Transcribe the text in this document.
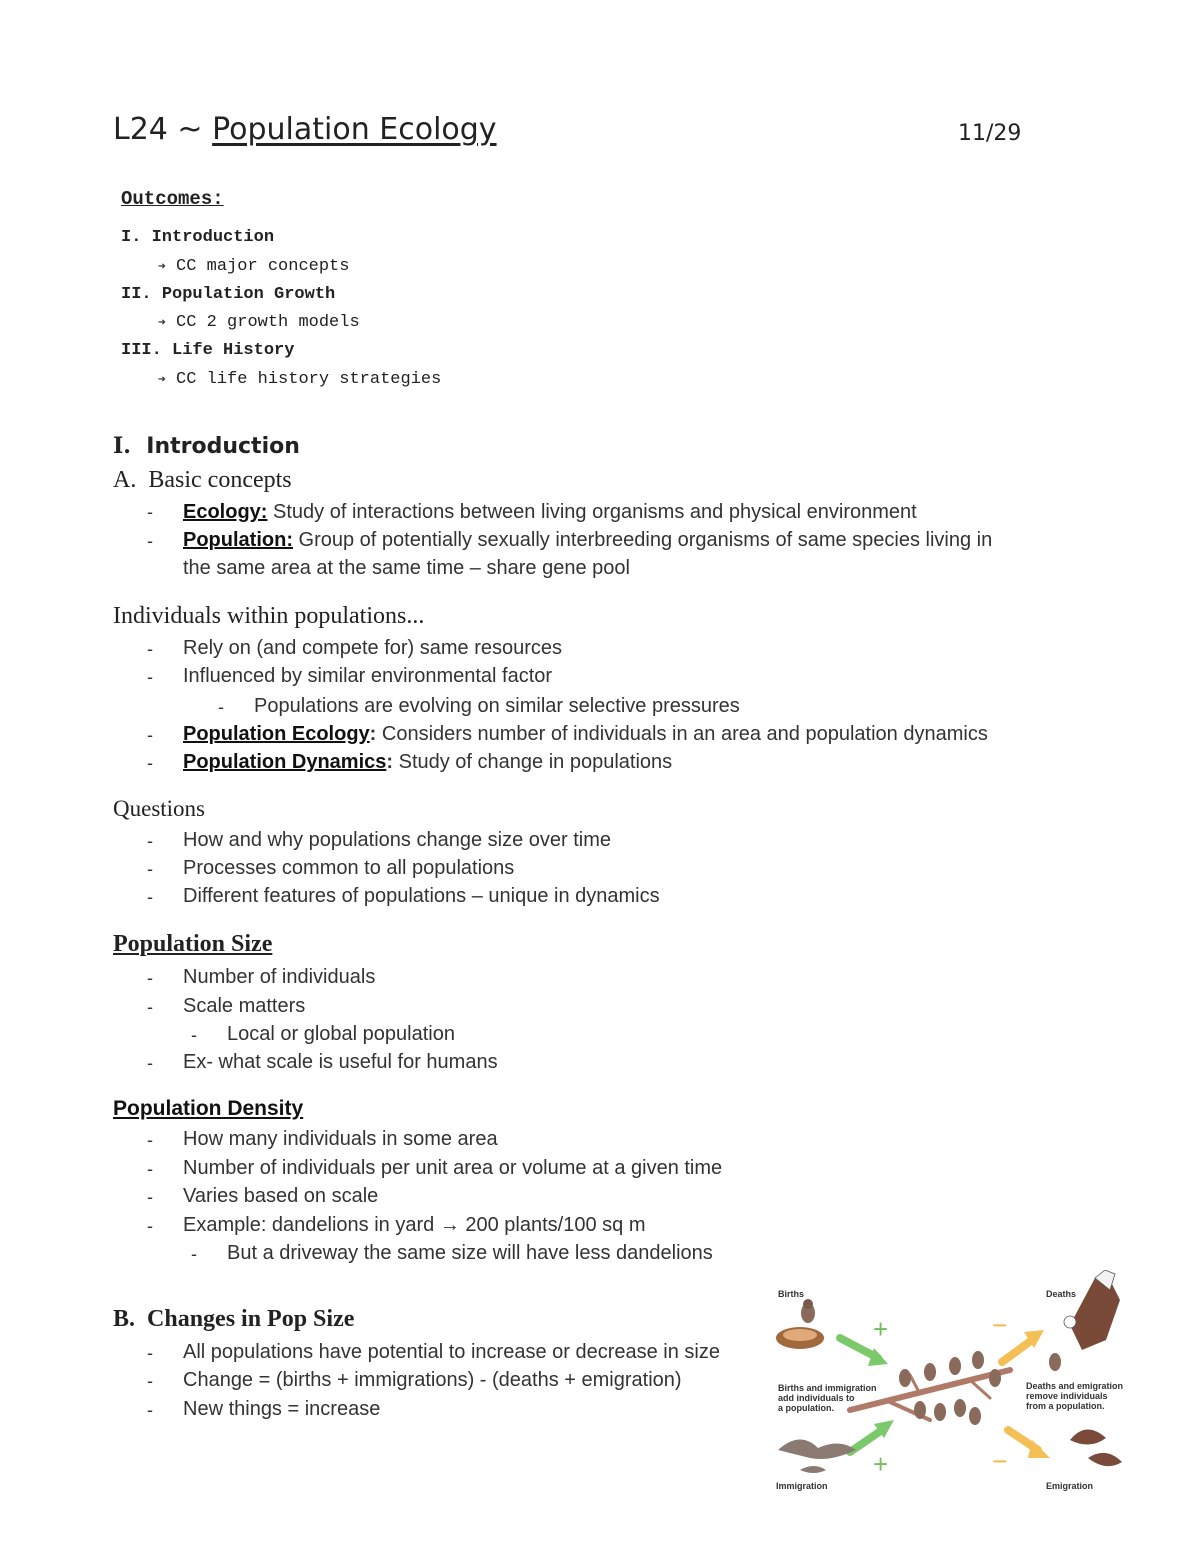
L24 ~ Population Ecology	11/29
Outcomes:
I. Introduction
➔ CC major concepts
II. Population Growth
➔ CC 2 growth models
III. Life History
➔ CC life history strategies
I. Introduction
A. Basic concepts
- Ecology: Study of interactions between living organisms and physical environment
- Population: Group of potentially sexually interbreeding organisms of same species living in
the same area at the same time – share gene pool
Individuals within populations...
- Rely on (and compete for) same resources
- Influenced by similar environmental factor
- Populations are evolving on similar selective pressures
- Population Ecology: Considers number of individuals in an area and population dynamics
- Population Dynamics: Study of change in populations
Questions
- How and why populations change size over time
- Processes common to all populations
- Different features of populations – unique in dynamics
Population Size
- Number of individuals
- Scale matters
- Local or global population
- Ex- what scale is useful for humans
Population Density
- How many individuals in some area
- Number of individuals per unit area or volume at a given time
- Varies based on scale
- Example: dandelions in yard → 200 plants/100 sq m
- But a driveway the same size will have less dandelions
B. Changes in Pop Size
- All populations have potential to increase or decrease in size
- Change = (births + immigrations) - (deaths + emigration)
- New things = increase
Births	Deaths
Immigration	Emigration
Births and immigration
add individuals to
a population.
Deaths and emigration
remove individuals
from a population.
+
+
−
−
